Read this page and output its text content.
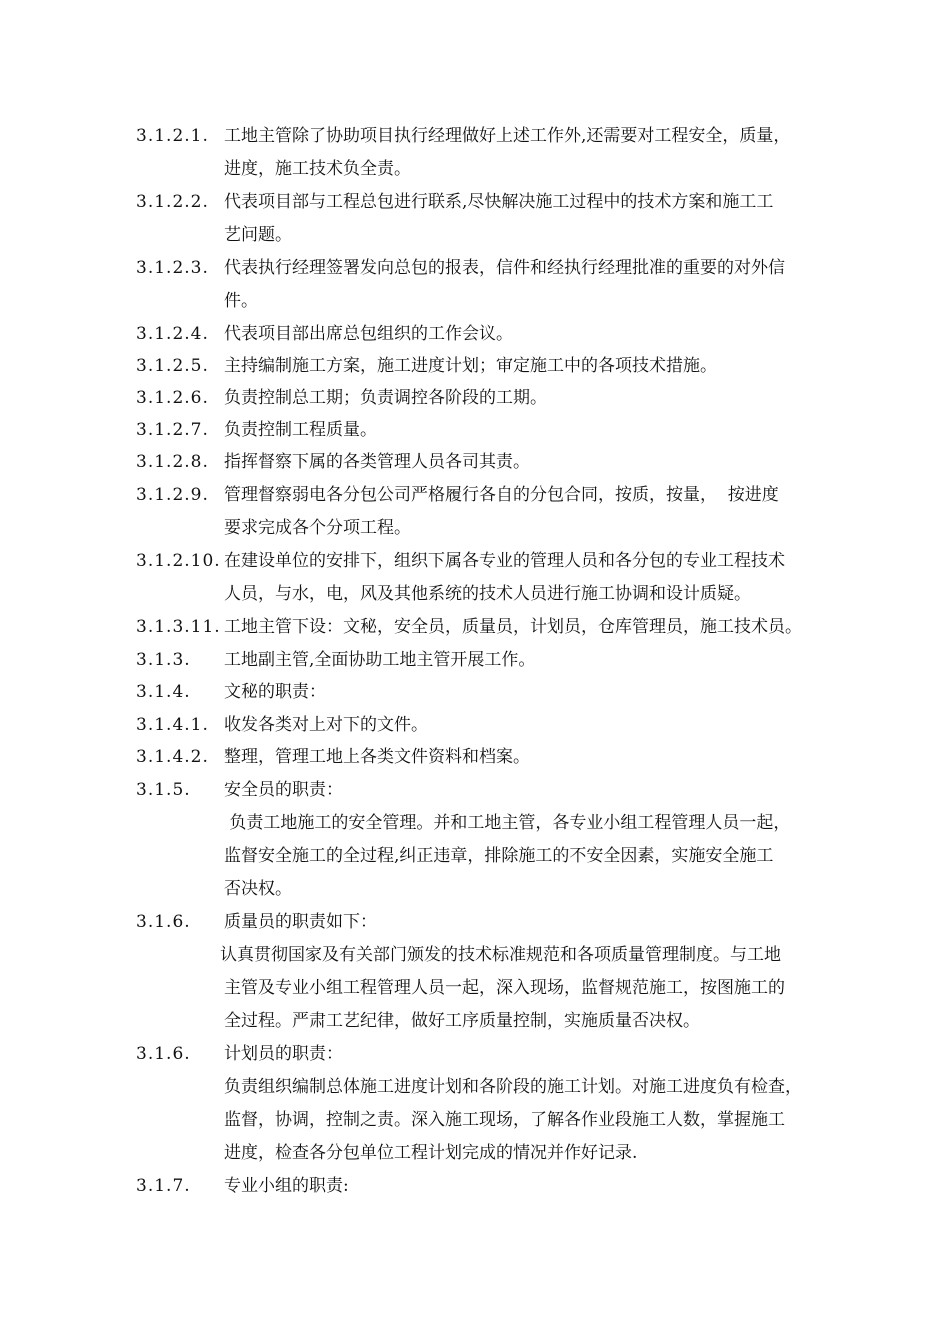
3.1.2.1. 工地主管除了协助项目执行经理做好上述工作外,还需要对工程安全，质量，
进度，施工技术负全责。
3.1.2.2. 代表项目部与工程总包进行联系,尽快解决施工过程中的技术方案和施工工
艺问题。
3.1.2.3. 代表执行经理签署发向总包的报表，信件和经执行经理批准的重要的对外信
件。
3.1.2.4. 代表项目部出席总包组织的工作会议。
3.1.2.5. 主持编制施工方案，施工进度计划；审定施工中的各项技术措施。
3.1.2.6. 负责控制总工期；负责调控各阶段的工期。
3.1.2.7. 负责控制工程质量。
3.1.2.8. 指挥督察下属的各类管理人员各司其责。
3.1.2.9. 管理督察弱电各分包公司严格履行各自的分包合同，按质，按量，  按进度
要求完成各个分项工程。
3.1.2.10. 在建设单位的安排下，组织下属各专业的管理人员和各分包的专业工程技术
人员，与水，电，风及其他系统的技术人员进行施工协调和设计质疑。
3.1.3.11. 工地主管下设：文秘，安全员，质量员，计划员，仓库管理员，施工技术员。
3.1.3. 工地副主管,全面协助工地主管开展工作。
3.1.4. 文秘的职责：
3.1.4.1. 收发各类对上对下的文件。
3.1.4.2. 整理，管理工地上各类文件资料和档案。
3.1.5. 安全员的职责：
负责工地施工的安全管理。并和工地主管，各专业小组工程管理人员一起，
监督安全施工的全过程,纠正违章，排除施工的不安全因素，实施安全施工
否决权。
3.1.6. 质量员的职责如下：
认真贯彻国家及有关部门颁发的技术标准规范和各项质量管理制度。与工地
主管及专业小组工程管理人员一起，深入现场，监督规范施工，按图施工的
全过程。严肃工艺纪律，做好工序质量控制，实施质量否决权。
3.1.6. 计划员的职责：
负责组织编制总体施工进度计划和各阶段的施工计划。对施工进度负有检查，
监督，协调，控制之责。深入施工现场，了解各作业段施工人数，掌握施工
进度，检查各分包单位工程计划完成的情况并作好记录.
3.1.7. 专业小组的职责:
